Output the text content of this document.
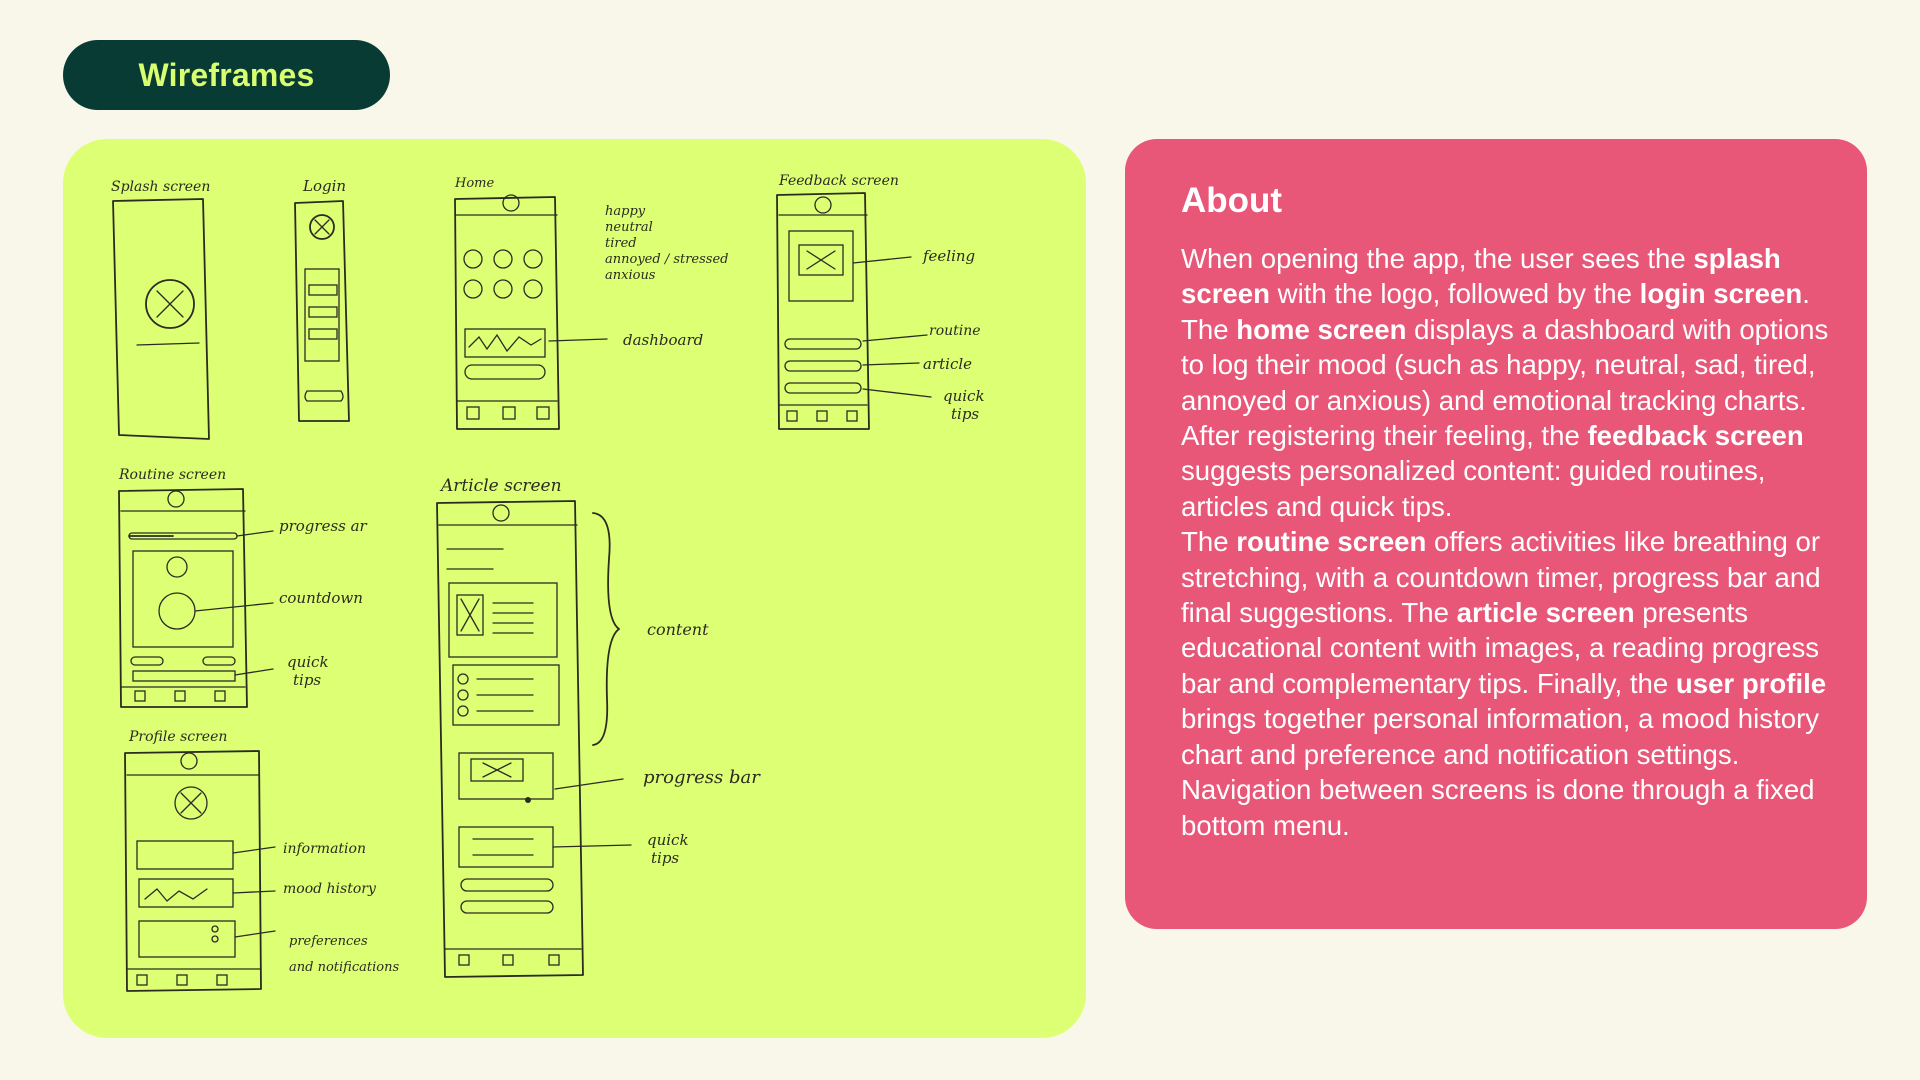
Wireframes
Splash screen	Login	Home
happy
neutral
tired
annoyed / stressed
anxious
dashboard
Feedback screen
feeling
routine
article
quick
tips
Routine screen
progress ar
countdown
quick
tips
Profile screen
information
mood history
preferences
and notifications
Article screen
content
progress bar
quick
tips
About

When opening the app, the user sees the splash screen with the logo, followed by the login screen. The home screen displays a dashboard with options to log their mood (such as happy, neutral, sad, tired, annoyed or anxious) and emotional tracking charts. After registering their feeling, the feedback screen suggests personalized content: guided routines, articles and quick tips.

The routine screen offers activities like breathing or stretching, with a countdown timer, progress bar and final suggestions. The article screen presents educational content with images, a reading progress bar and complementary tips. Finally, the user profile brings together personal information, a mood history chart and preference and notification settings. Navigation between screens is done through a fixed bottom menu.
